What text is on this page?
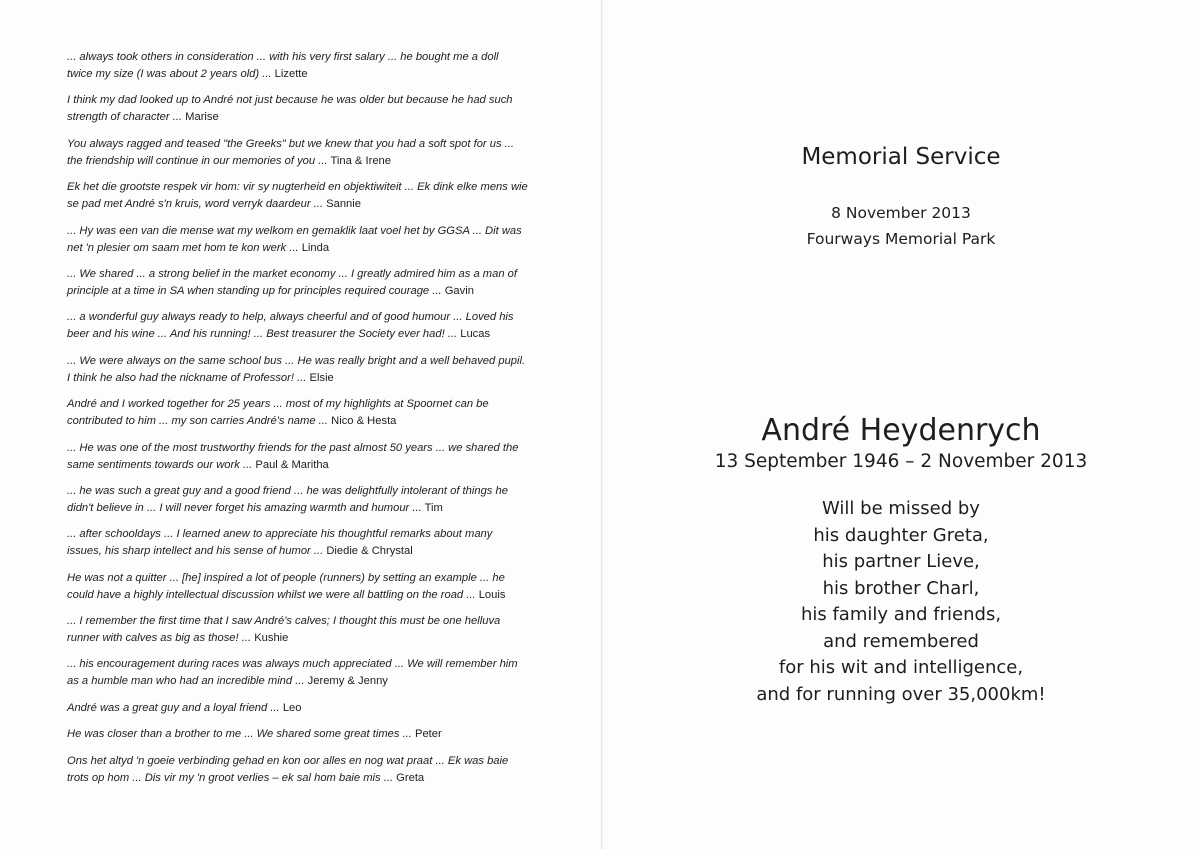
... always took others in consideration ... with his very first salary ... he bought me a doll
twice my size (I was about 2 years old) ... Lizette
I think my dad looked up to André not just because he was older but because he had such
strength of character ... Marise
You always ragged and teased "the Greeks" but we knew that you had a soft spot for us ...
the friendship will continue in our memories of you ... Tina & Irene
Ek het die grootste respek vir hom: vir sy nugterheid en objektiwiteit ... Ek dink elke mens wie
se pad met André s'n kruis, word verryk daardeur ... Sannie
... Hy was een van die mense wat my welkom en gemaklik laat voel het by GGSA ... Dit was
net 'n plesier om saam met hom te kon werk ... Linda
... We shared ... a strong belief in the market economy ... I greatly admired him as a man of
principle at a time in SA when standing up for principles required courage ... Gavin
... a wonderful guy always ready to help, always cheerful and of good humour ... Loved his
beer and his wine ... And his running! ... Best treasurer the Society ever had! ... Lucas
... We were always on the same school bus ... He was really bright and a well behaved pupil.
I think he also had the nickname of Professor! ... Elsie
André and I worked together for 25 years ... most of my highlights at Spoornet can be
contributed to him ... my son carries André's name ... Nico & Hesta
... He was one of the most trustworthy friends for the past almost 50 years ... we shared the
same sentiments towards our work ... Paul & Maritha
... he was such a great guy and a good friend ... he was delightfully intolerant of things he
didn't believe in ... I will never forget his amazing warmth and humour ... Tim
... after schooldays ... I learned anew to appreciate his thoughtful remarks about many
issues, his sharp intellect and his sense of humor ... Diedie & Chrystal
He was not a quitter ... [he] inspired a lot of people (runners) by setting an example ... he
could have a highly intellectual discussion whilst we were all battling on the road ... Louis
... I remember the first time that I saw André's calves; I thought this must be one helluva
runner with calves as big as those! ... Kushie
... his encouragement during races was always much appreciated ... We will remember him
as a humble man who had an incredible mind ... Jeremy & Jenny
André was a great guy and a loyal friend ... Leo
He was closer than a brother to me ... We shared some great times ... Peter
Ons het altyd 'n goeie verbinding gehad en kon oor alles en nog wat praat ... Ek was baie
trots op hom ... Dis vir my 'n groot verlies – ek sal hom baie mis ... Greta
Memorial Service
8 November 2013
Fourways Memorial Park
André Heydenrych
13 September 1946 – 2 November 2013
Will be missed by
his daughter Greta,
his partner Lieve,
his brother Charl,
his family and friends,
and remembered
for his wit and intelligence,
and for running over 35,000km!
